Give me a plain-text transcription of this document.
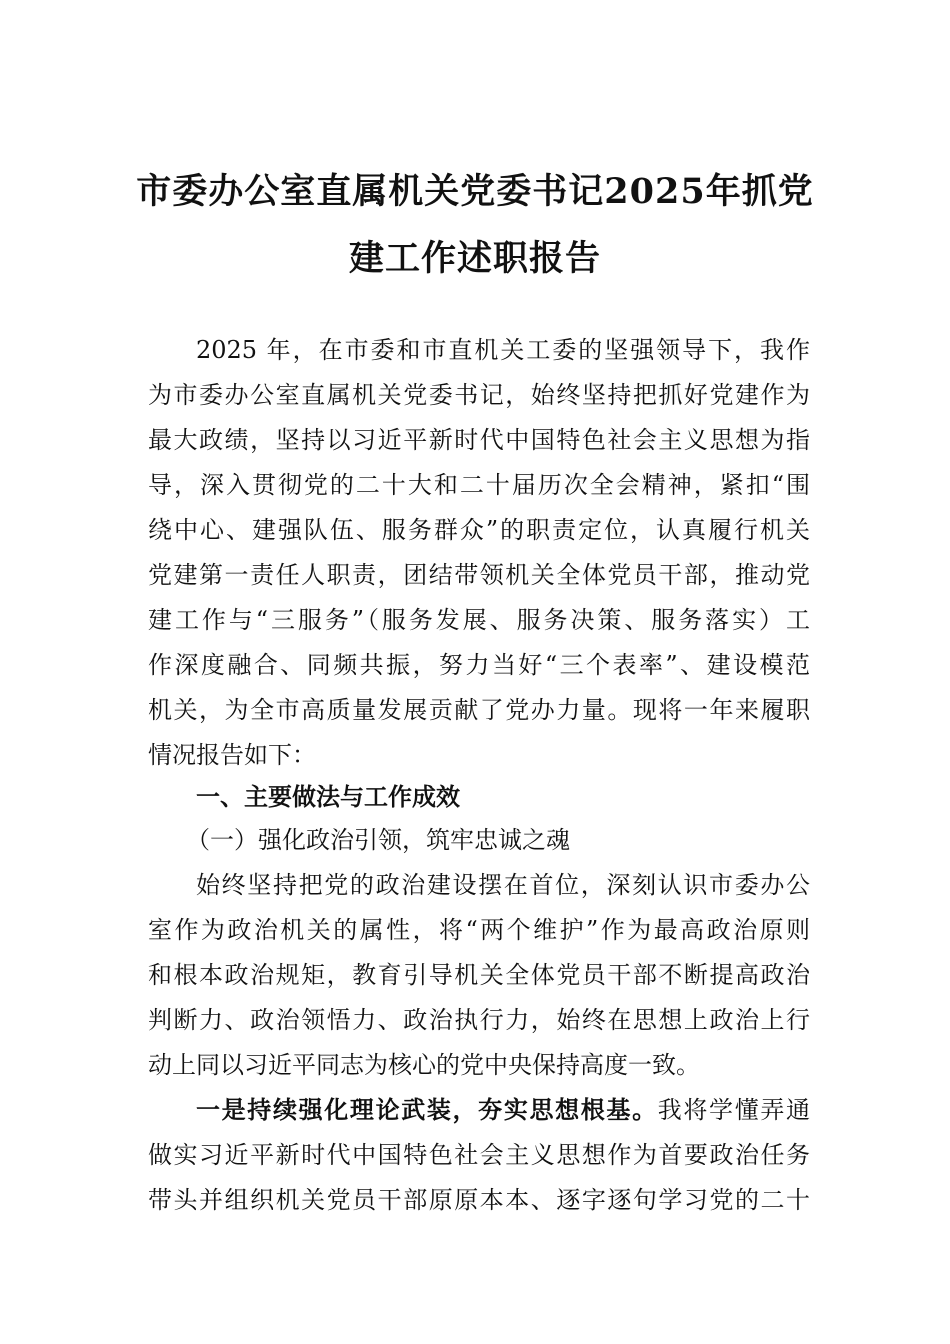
市委办公室直属机关党委书记2025年抓党
建工作述职报告
2025 年，在市委和市直机关工委的坚强领导下，我作
为市委办公室直属机关党委书记，始终坚持把抓好党建作为
最大政绩，坚持以习近平新时代中国特色社会主义思想为指
导，深入贯彻党的二十大和二十届历次全会精神，紧扣“围
绕中心、建强队伍、服务群众”的职责定位，认真履行机关
党建第一责任人职责，团结带领机关全体党员干部，推动党
建工作与“三服务”（服务发展、服务决策、服务落实）工
作深度融合、同频共振，努力当好“三个表率”、建设模范
机关，为全市高质量发展贡献了党办力量。现将一年来履职
情况报告如下：
一、主要做法与工作成效
（一）强化政治引领，筑牢忠诚之魂
始终坚持把党的政治建设摆在首位，深刻认识市委办公
室作为政治机关的属性，将“两个维护”作为最高政治原则
和根本政治规矩，教育引导机关全体党员干部不断提高政治
判断力、政治领悟力、政治执行力，始终在思想上政治上行
动上同以习近平同志为核心的党中央保持高度一致。
一是持续强化理论武装，夯实思想根基。我将学懂弄通
做实习近平新时代中国特色社会主义思想作为首要政治任务
带头并组织机关党员干部原原本本、逐字逐句学习党的二十
